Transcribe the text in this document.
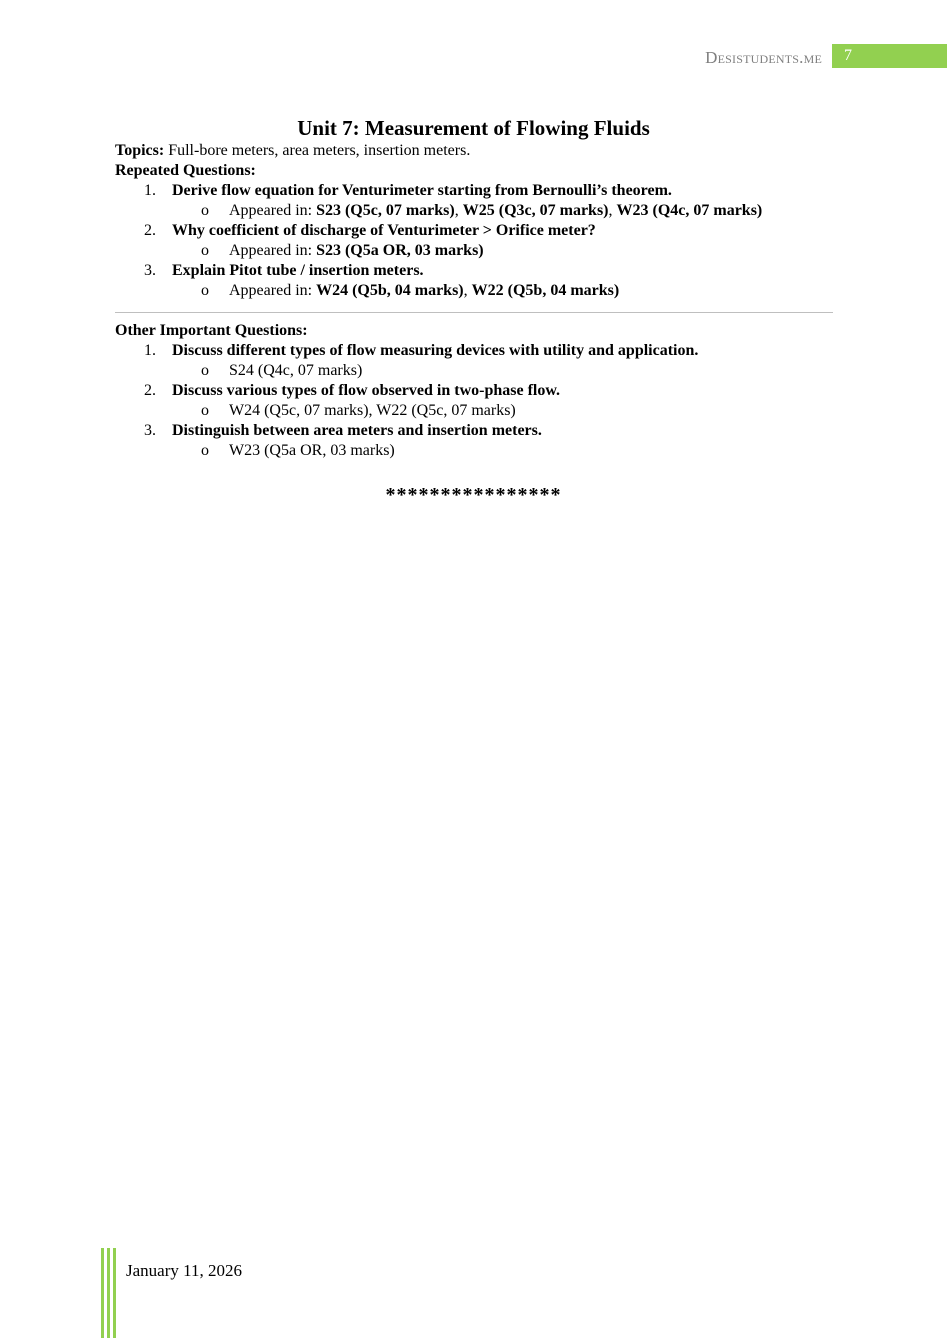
Desistudents.me	7
Unit 7: Measurement of Flowing Fluids
Topics: Full-bore meters, area meters, insertion meters.
Repeated Questions:
1. Derive flow equation for Venturimeter starting from Bernoulli’s theorem.
o Appeared in: S23 (Q5c, 07 marks), W25 (Q3c, 07 marks), W23 (Q4c, 07 marks)
2. Why coefficient of discharge of Venturimeter > Orifice meter?
o Appeared in: S23 (Q5a OR, 03 marks)
3. Explain Pitot tube / insertion meters.
o Appeared in: W24 (Q5b, 04 marks), W22 (Q5b, 04 marks)
Other Important Questions:
1. Discuss different types of flow measuring devices with utility and application.
o S24 (Q4c, 07 marks)
2. Discuss various types of flow observed in two-phase flow.
o W24 (Q5c, 07 marks), W22 (Q5c, 07 marks)
3. Distinguish between area meters and insertion meters.
o W23 (Q5a OR, 03 marks)
****************
January 11, 2026
